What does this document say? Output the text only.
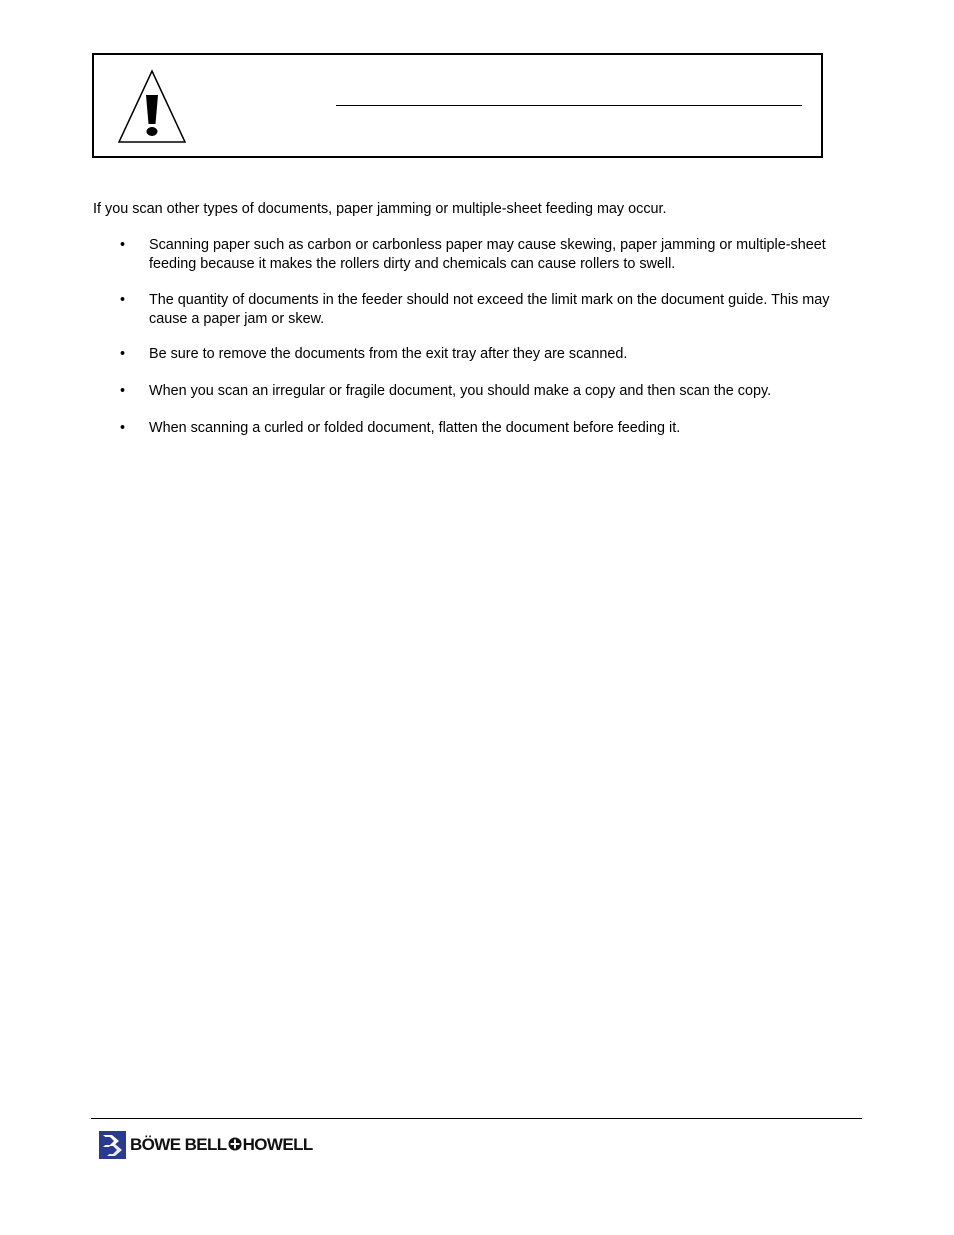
If you scan other types of documents, paper jamming or multiple-sheet feeding may occur.

• Scanning paper such as carbon or carbonless paper may cause skewing, paper jamming or multiple-sheet feeding because it makes the rollers dirty and chemicals can cause rollers to swell.
• The quantity of documents in the feeder should not exceed the limit mark on the document guide. This may cause a paper jam or skew.
• Be sure to remove the documents from the exit tray after they are scanned.
• When you scan an irregular or fragile document, you should make a copy and then scan the copy.
• When scanning a curled or folded document, flatten the document before feeding it.
BÖWE BELL HOWELL
